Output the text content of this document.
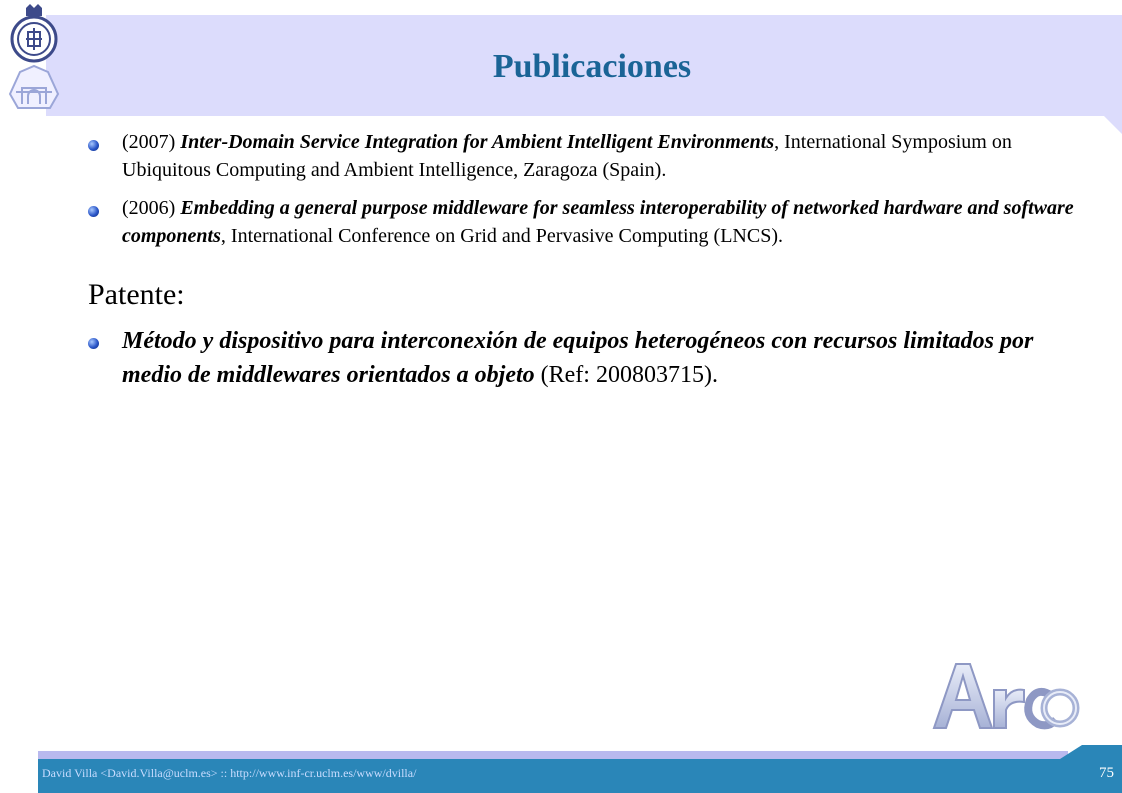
Publicaciones
(2007) Inter-Domain Service Integration for Ambient Intelligent Environments, International Symposium on Ubiquitous Computing and Ambient Intelligence, Zaragoza (Spain).
(2006) Embedding a general purpose middleware for seamless interoperability of networked hardware and software components, International Conference on Grid and Pervasive Computing (LNCS).
Patente:
Método y dispositivo para interconexión de equipos heterogéneos con recursos limitados por medio de middlewares orientados a objeto (Ref: 200803715).
David Villa <David.Villa@uclm.es> :: http://www.inf-cr.uclm.es/www/dvilla/	75
